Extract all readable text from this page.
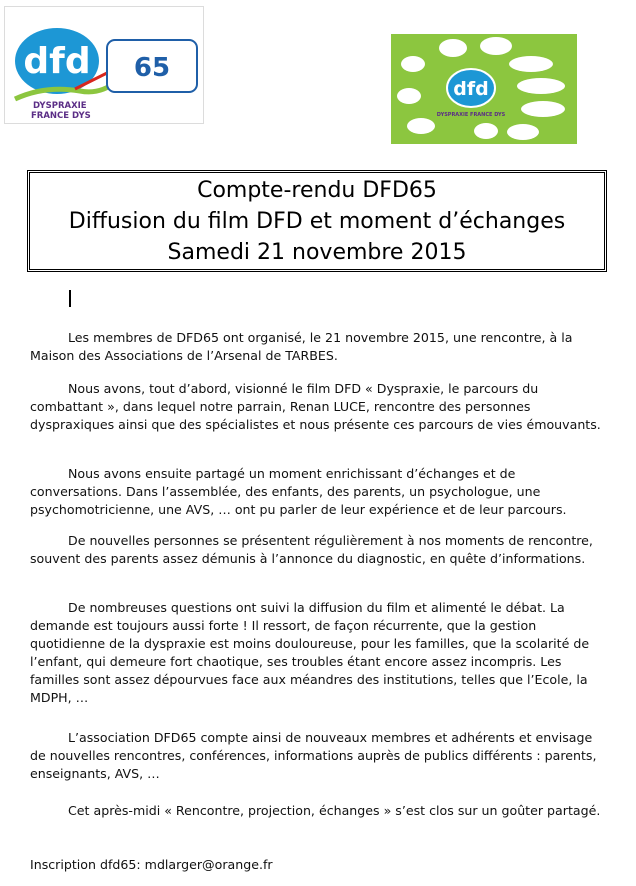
dfd 65
DYSPRAXIE
FRANCE DYS
dfd
DYSPRAXIE FRANCE DYS
Compte-rendu DFD65
Diffusion du film DFD et moment d’échanges
Samedi 21 novembre 2015
Les membres de DFD65 ont organisé, le 21 novembre 2015, une rencontre, à la Maison des Associations de l’Arsenal de TARBES.
Nous avons, tout d’abord, visionné le film DFD « Dyspraxie, le parcours du combattant », dans lequel notre parrain, Renan LUCE, rencontre des personnes dyspraxiques ainsi que des spécialistes et nous présente ces parcours de vies émouvants.
Nous avons ensuite partagé un moment enrichissant d’échanges et de conversations. Dans l’assemblée, des enfants, des parents, un psychologue, une psychomotricienne, une AVS, … ont pu parler de leur expérience et de leur parcours.
De nouvelles personnes se présentent régulièrement à nos moments de rencontre, souvent des parents assez démunis à l’annonce du diagnostic, en quête d’informations.
De nombreuses questions ont suivi la diffusion du film et alimenté le débat. La demande est toujours aussi forte ! Il ressort, de façon récurrente, que la gestion quotidienne de la dyspraxie est moins douloureuse, pour les familles, que la scolarité de l’enfant, qui demeure fort chaotique, ses troubles étant encore assez incompris. Les familles sont assez dépourvues face aux méandres des institutions, telles que l’Ecole, la MDPH, …
L’association DFD65 compte ainsi de nouveaux membres et adhérents et envisage de nouvelles rencontres, conférences, informations auprès de publics différents : parents, enseignants, AVS, …
Cet après-midi « Rencontre, projection, échanges » s’est clos sur un goûter partagé.
Inscription dfd65: mdlarger@orange.fr
